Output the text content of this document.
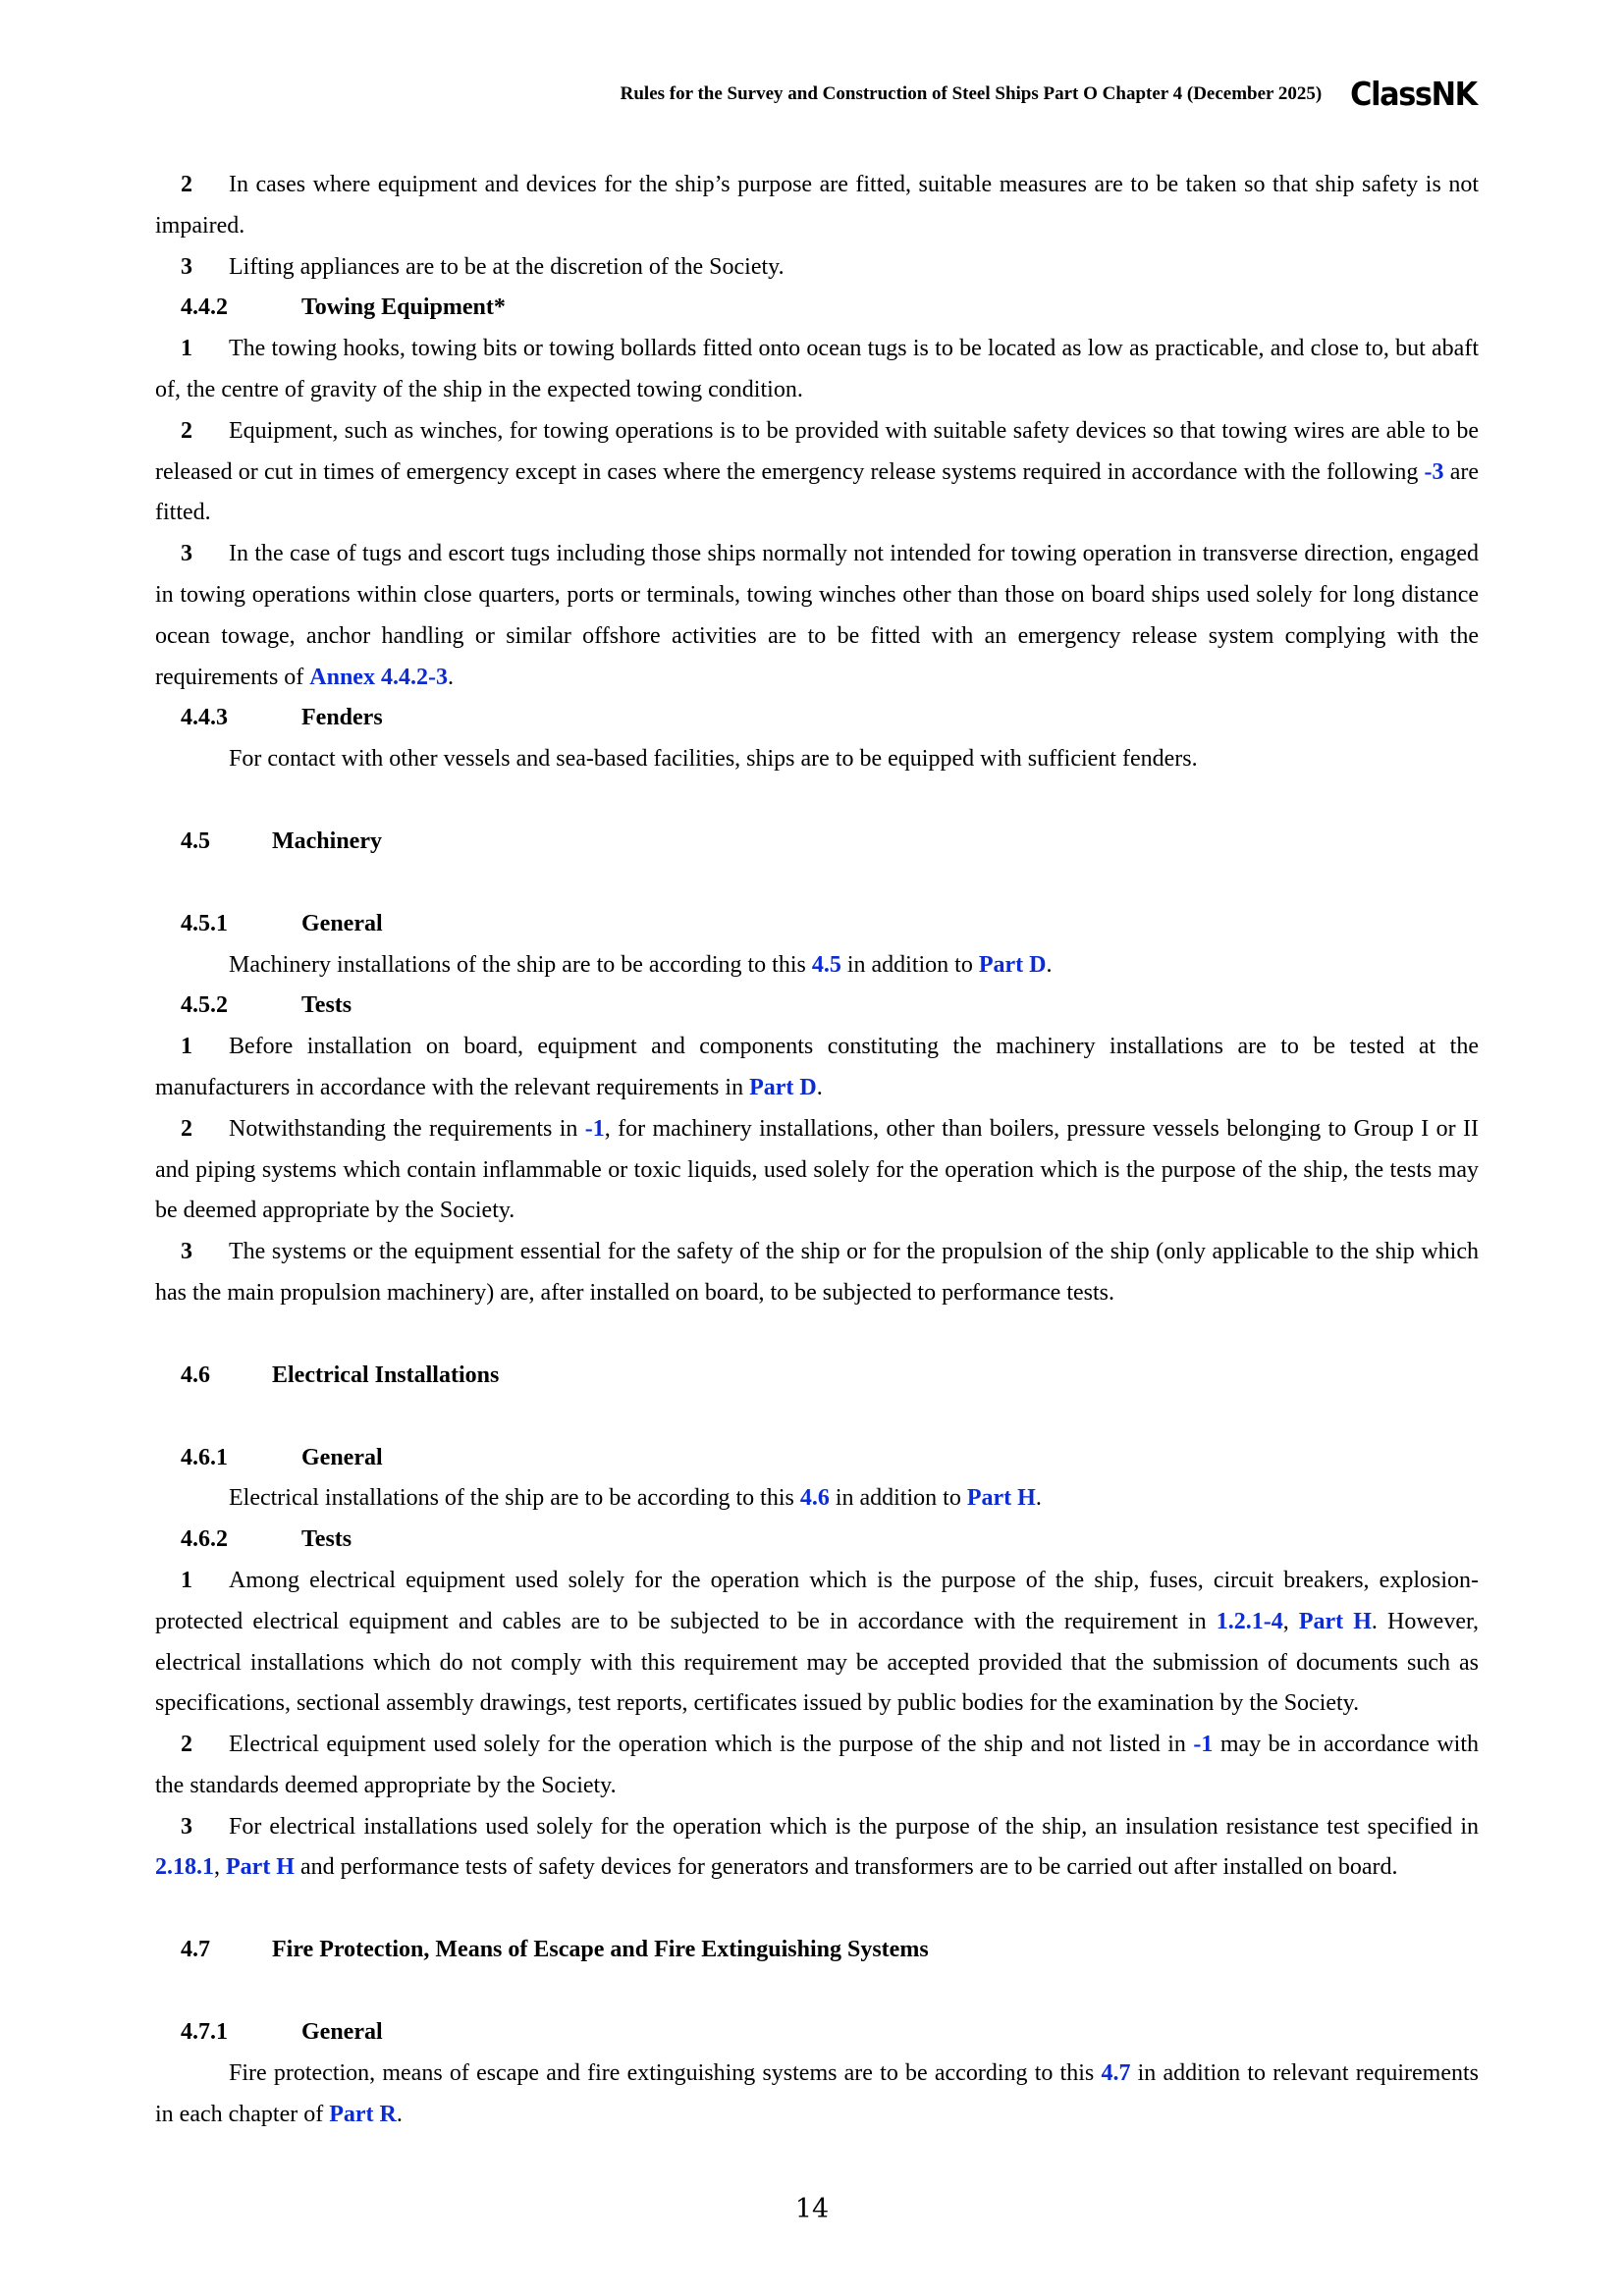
Rules for the Survey and Construction of Steel Ships Part O Chapter 4 (December 2025) ClassNK
2 In cases where equipment and devices for the ship’s purpose are fitted, suitable measures are to be taken so that ship safety is not impaired.
3 Lifting appliances are to be at the discretion of the Society.
4.4.2	Towing Equipment*
1 The towing hooks, towing bits or towing bollards fitted onto ocean tugs is to be located as low as practicable, and close to, but abaft of, the centre of gravity of the ship in the expected towing condition.
2 Equipment, such as winches, for towing operations is to be provided with suitable safety devices so that towing wires are able to be released or cut in times of emergency except in cases where the emergency release systems required in accordance with the following -3 are fitted.
3 In the case of tugs and escort tugs including those ships normally not intended for towing operation in transverse direction, engaged in towing operations within close quarters, ports or terminals, towing winches other than those on board ships used solely for long distance ocean towage, anchor handling or similar offshore activities are to be fitted with an emergency release system complying with the requirements of Annex 4.4.2-3.
4.4.3	Fenders
For contact with other vessels and sea-based facilities, ships are to be equipped with sufficient fenders.
4.5	Machinery
4.5.1	General
Machinery installations of the ship are to be according to this 4.5 in addition to Part D.
4.5.2	Tests
1 Before installation on board, equipment and components constituting the machinery installations are to be tested at the manufacturers in accordance with the relevant requirements in Part D.
2 Notwithstanding the requirements in -1, for machinery installations, other than boilers, pressure vessels belonging to Group I or II and piping systems which contain inflammable or toxic liquids, used solely for the operation which is the purpose of the ship, the tests may be deemed appropriate by the Society.
3 The systems or the equipment essential for the safety of the ship or for the propulsion of the ship (only applicable to the ship which has the main propulsion machinery) are, after installed on board, to be subjected to performance tests.
4.6	Electrical Installations
4.6.1	General
Electrical installations of the ship are to be according to this 4.6 in addition to Part H.
4.6.2	Tests
1 Among electrical equipment used solely for the operation which is the purpose of the ship, fuses, circuit breakers, explosion-protected electrical equipment and cables are to be subjected to be in accordance with the requirement in 1.2.1-4, Part H. However, electrical installations which do not comply with this requirement may be accepted provided that the submission of documents such as specifications, sectional assembly drawings, test reports, certificates issued by public bodies for the examination by the Society.
2 Electrical equipment used solely for the operation which is the purpose of the ship and not listed in -1 may be in accordance with the standards deemed appropriate by the Society.
3 For electrical installations used solely for the operation which is the purpose of the ship, an insulation resistance test specified in 2.18.1, Part H and performance tests of safety devices for generators and transformers are to be carried out after installed on board.
4.7	Fire Protection, Means of Escape and Fire Extinguishing Systems
4.7.1	General
Fire protection, means of escape and fire extinguishing systems are to be according to this 4.7 in addition to relevant requirements in each chapter of Part R.
14
